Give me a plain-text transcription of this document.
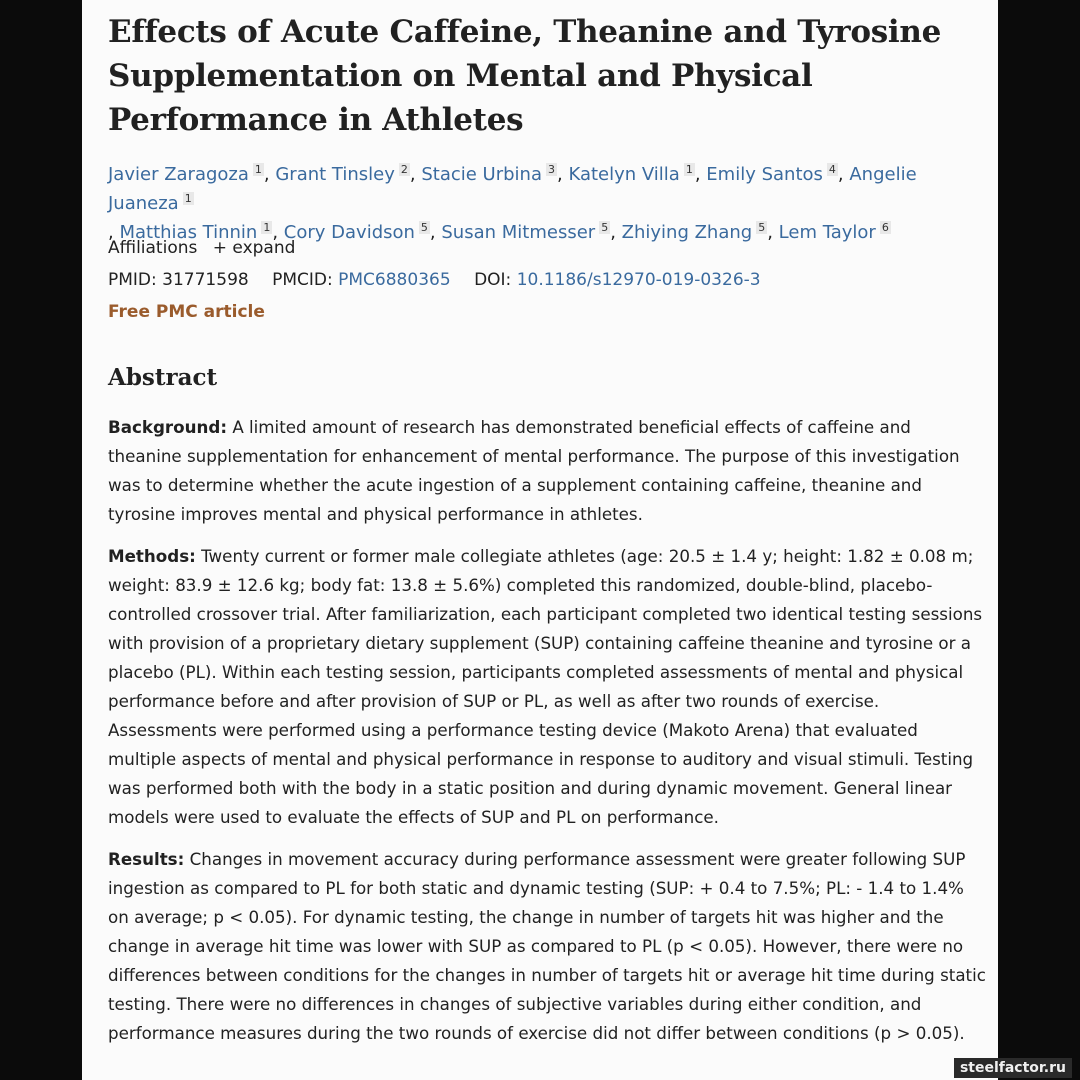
Effects of Acute Caffeine, Theanine and Tyrosine Supplementation on Mental and Physical Performance in Athletes
Javier Zaragoza $^1$ , Grant Tinsley $^2$ , Stacie Urbina $^3$ , Katelyn Villa $^1$ , Emily Santos $^4$ , Angelie Juaneza $^1$
, Matthias Tinnin $^1$ , Cory Davidson $^5$ , Susan Mitmesser $^5$ , Zhiying Zhang $^5$ , Lem Taylor $^6$
Affiliations + expand
PMID: 31771598 PMCID: PMC6880365 DOI: 10.1186/s12970-019-0326-3
Free PMC article
Abstract
Background: A limited amount of research has demonstrated beneficial effects of caffeine and theanine supplementation for enhancement of mental performance. The purpose of this investigation was to determine whether the acute ingestion of a supplement containing caffeine, theanine and tyrosine improves mental and physical performance in athletes.
Methods: Twenty current or former male collegiate athletes (age: 20.5 ± 1.4 y; height: 1.82 ± 0.08 m; weight: 83.9 ± 12.6 kg; body fat: 13.8 ± 5.6%) completed this randomized, double-blind, placebo-controlled crossover trial. After familiarization, each participant completed two identical testing sessions with provision of a proprietary dietary supplement (SUP) containing caffeine theanine and tyrosine or a placebo (PL). Within each testing session, participants completed assessments of mental and physical performance before and after provision of SUP or PL, as well as after two rounds of exercise. Assessments were performed using a performance testing device (Makoto Arena) that evaluated multiple aspects of mental and physical performance in response to auditory and visual stimuli. Testing was performed both with the body in a static position and during dynamic movement. General linear models were used to evaluate the effects of SUP and PL on performance.
Results: Changes in movement accuracy during performance assessment were greater following SUP ingestion as compared to PL for both static and dynamic testing (SUP: + 0.4 to 7.5%; PL: - 1.4 to 1.4% on average; p < 0.05). For dynamic testing, the change in number of targets hit was higher and the change in average hit time was lower with SUP as compared to PL (p < 0.05). However, there were no differences between conditions for the changes in number of targets hit or average hit time during static testing. There were no differences in changes of subjective variables during either condition, and performance measures during the two rounds of exercise did not differ between conditions (p > 0.05).
steelfactor.ru
